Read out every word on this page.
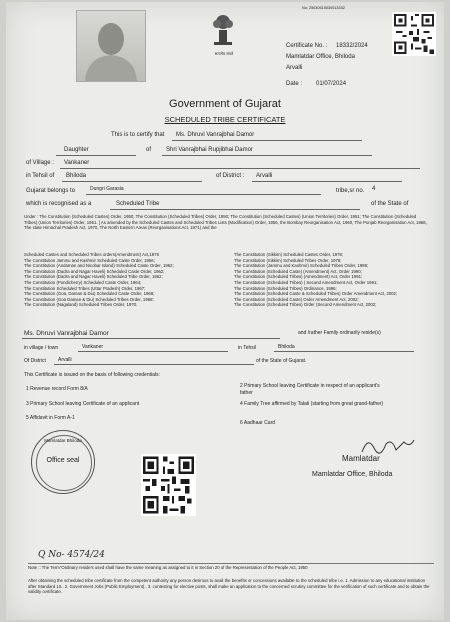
सत्यमेव जयते
No: 25030515030013332
Certificate No. : 18332/2024
Mamlatdar Office, Bhiloda
Arvalli
Date : 01/07/2024
Government of Gujarat
SCHEDULED TRIBE CERTIFICATE
This is to certify that Ms. Dhruvi Vanrajbhai Damor
Daughter	of Shri Vanrajbhai Rupjibhai Damor
of Village : Vankaner
in Tehsil of Bhiloda	of District : Arvalli
Gujarat belongs to	Dungri Garasia	tribe,sr no. 4
which is recognised as a	Scheduled Tribe	of the State of
Under : The Constitution (Scheduled Castes) Order, 1950; The Constitution (Scheduled Tribes) Order, 1950; The Constitution (Scheduled Castes) (Union Territories) Order, 1951; The Constitution (Scheduled Tribes) (Union Territories) Order, 1951. [ As amended by the Scheduled Castes and Scheduled Tribes Lists (Modification) Order, 1956, the Bombay Reorganisation Act, 1960, The Punjab Reorganisation Act, 1966, The state Himachal Pradesh Act, 1970, The North Eastern Areas (Reorganisations Act, 1971) and the
Scheduled Castes and Scheduled Tribes orders(Amendment) Act,1976
The Constitution Jammu and Kashmir Scheduled Caste Order, 1956;
The Constitution (Andaman and Nicobar Island) Scheduled Caste Order, 1962;
The Constitution (Dadra and Nagar Haveli) Scheduled Caste Order, 1962;
The Constitution (Dadra and Nagar Haveli) Scheduled Tribe Order, 1962;
The Constitution (Pondicherry) Scheduled Caste Order, 1964;
The Constitution Scheduled Tribes (Uttar Pradesh) Order, 1967;
The Constitution (Goa, Daman & Diu) Scheduled Caste Order, 1968;
The Constitution (Goa Daman & Diu) Scheduled Tribes Order, 1968;
The Constitution (Nagaland) Scheduled Tribes Order, 1970.
The Constitution (Sikkim) Scheduled Castes Order, 1978;
The Constitution (Sikkim) Scheduled Tribes Order, 1978;
The Constitution (Jammu and Kashmir) Scheduled Tribes Order, 1989;
The Constitution (Scheduled Caste) (Amendment) Act, Order 1990;
The Constitution (Scheduled Tribes) (Amendment) Act, Order 1991;
The Constitution (Scheduled Tribes) ( Second Amendment Act, Order 1991;
The Constitution (Scheduled Tribes) Ordinance, 1996;
The Constitution (Scheduled Caste & Scheduled Tribes) Order Amendment Act, 2002;
The Constitution (Scheduled Caste) Order Amendment Act, 2002;
The Constitution (Scheduled Tribes) Order (Second Amendment Act, 2002;
Ms. Dhruvi Vanrajbhai Damor	and /rather Family ordinarily reside(s)
in village / town	Vankaner	in Tehsil	Bhiloda
Of District Arvalli	of the State of Gujarat.
This Certificate is issued on the basis of following credentials:
1 Revenue record Form 8/A
3 Primary School leaving Certificate of an applicant
5 Affidavit in Form A-1
2 Primary School leaving Certificate in respect of an applicant's father
4 Family Tree affirmed by Talati (starting from great grand-father)
6 Aadhaar Card
Mamlatdar Bhiloda
Office seal	Mamlatdar
Mamlatdar Office, Bhiloda
Q No- 4574/24
Note :: The Term"Ordinary reside's used shall have the same meaning as assigned to it in Section 20 of the Representation of the People Act, 1950
After obtaining the scheduled tribe certificate from the competent authority any person desirous to avail the benefits or concessions available to the scheduled tribe i.e. 1. Admission to any educational institution after Standard 10.. 2. Government Jobs (Public Employment).. 3. contesting for elective posts, shall make an application to the concerned scrutiny committee for the verification of such certificate and to obtain the validity certificate.
